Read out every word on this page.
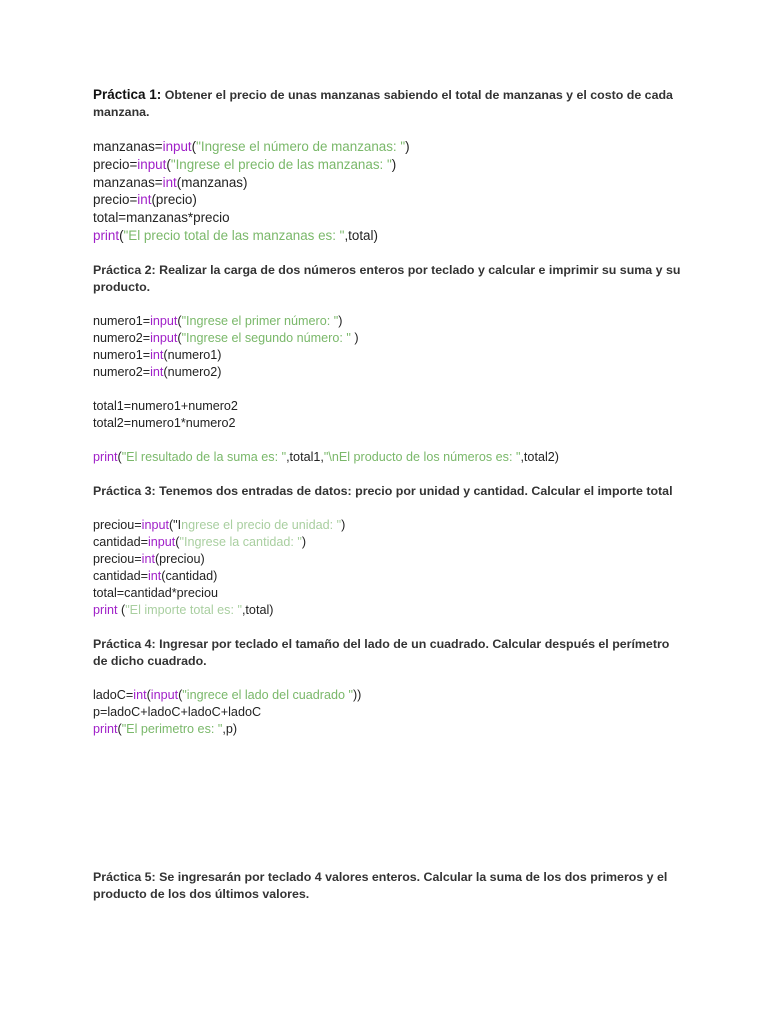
Práctica 1: Obtener el precio de unas manzanas sabiendo el total de manzanas y el costo de cada manzana.

manzanas=input("Ingrese el número de manzanas: ")
precio=input("Ingrese el precio de las manzanas: ")
manzanas=int(manzanas)
precio=int(precio)
total=manzanas*precio
print("El precio total de las manzanas es: ",total)

Práctica 2: Realizar la carga de dos números enteros por teclado y calcular e imprimir su suma y su producto.

numero1=input("Ingrese el primer número: ")
numero2=input("Ingrese el segundo número: " )
numero1=int(numero1)
numero2=int(numero2)
total1=numero1+numero2
total2=numero1*numero2
print("El resultado de la suma es: ",total1,"\nEl producto de los números es: ",total2)

Práctica 3: Tenemos dos entradas de datos: precio por unidad y cantidad. Calcular el importe total

preciou=input("Ingrese el precio de unidad: ")
cantidad=input("Ingrese la cantidad: ")
preciou=int(preciou)
cantidad=int(cantidad)
total=cantidad*preciou
print ("El importe total es: ",total)

Práctica 4: Ingresar por teclado el tamaño del lado de un cuadrado. Calcular después el perímetro de dicho cuadrado.

ladoC=int(input("ingrece el lado del cuadrado "))
p=ladoC+ladoC+ladoC+ladoC
print("El perimetro es: ",p)

Práctica 5: Se ingresarán por teclado 4 valores enteros. Calcular la suma de los dos primeros y el producto de los dos últimos valores.
